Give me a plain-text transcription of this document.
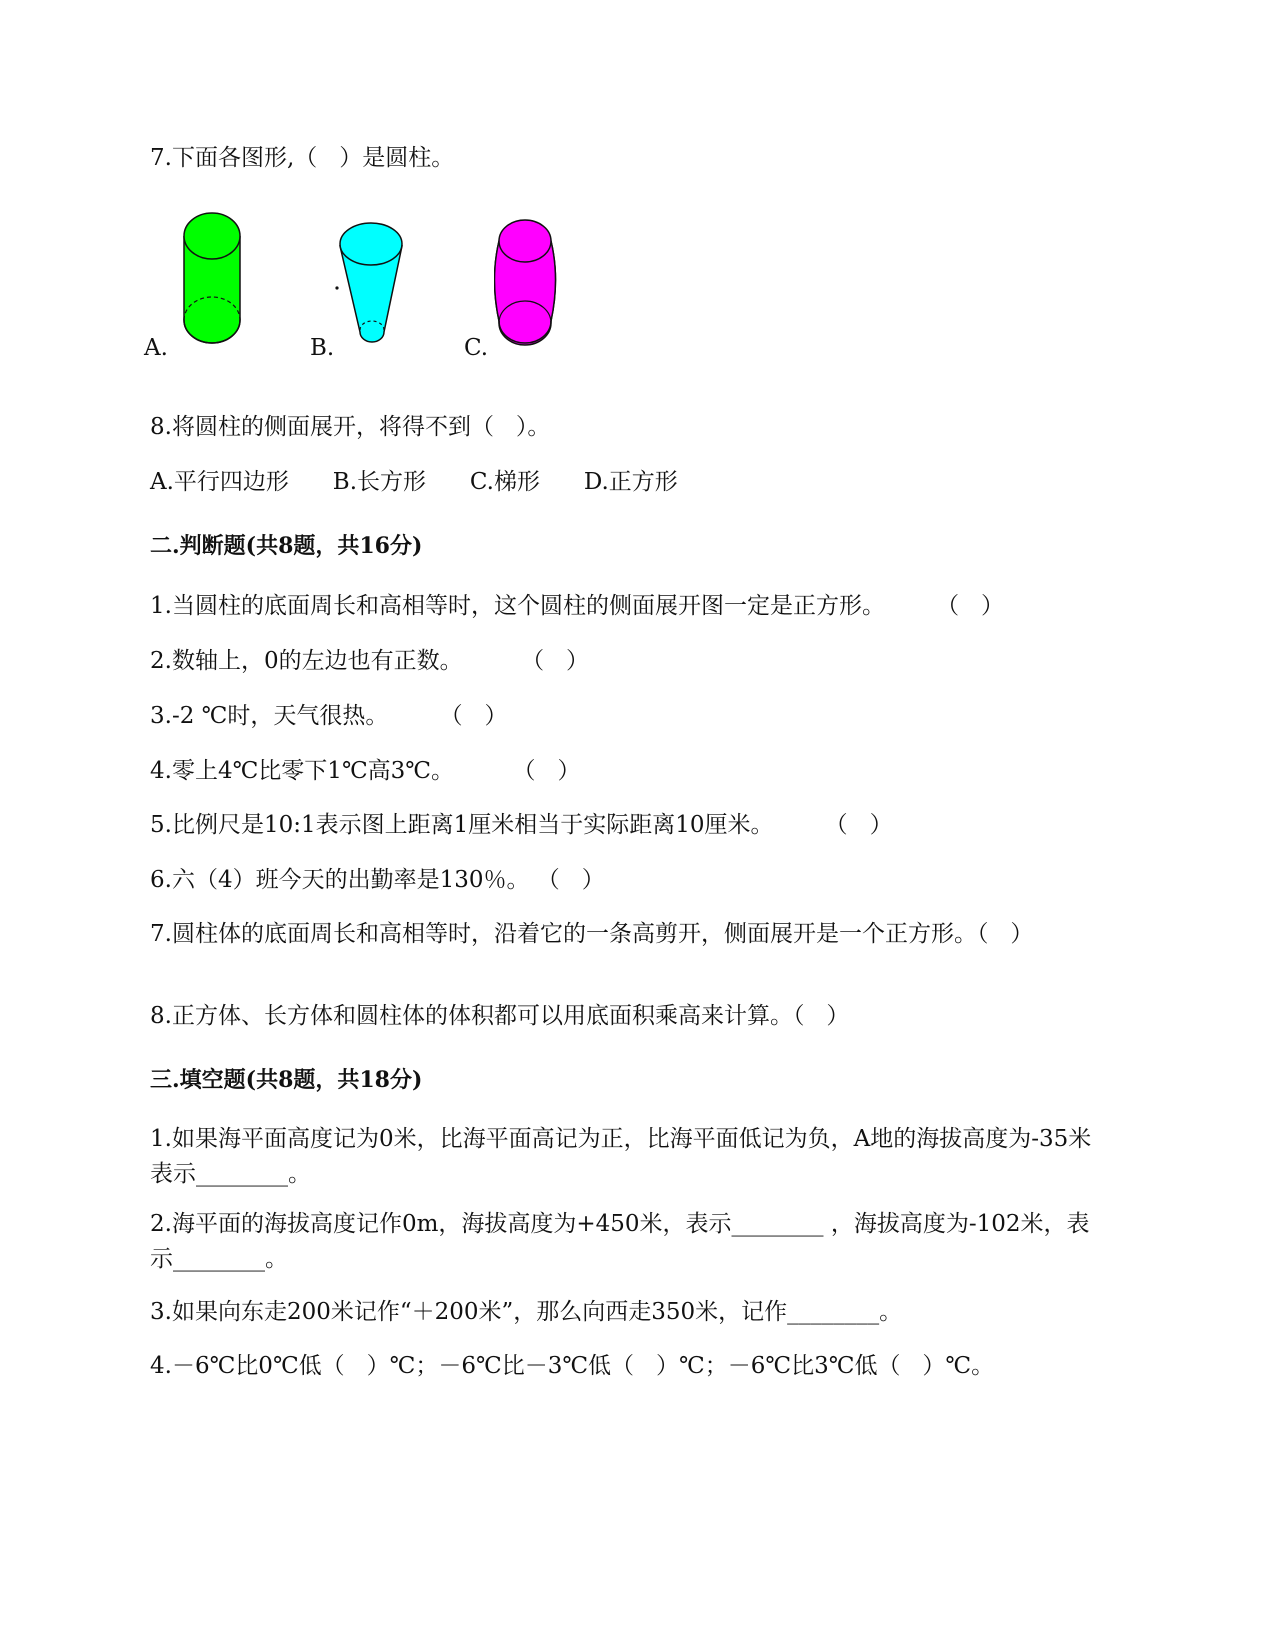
7.下面各图形,（   ）是圆柱。
A.	B.	C.
8.将圆柱的侧面展开，将得不到（   ）。
A.平行四边形      B.长方形      C.梯形      D.正方形
二.判断题(共8题，共16分)
1.当圆柱的底面周长和高相等时，这个圆柱的侧面展开图一定是正方形。       （   ）
2.数轴上，0的左边也有正数。        （   ）
3.-2 ℃时，天气很热。       （   ）
4.零上4℃比零下1℃高3℃。        （   ）
5.比例尺是10:1表示图上距离1厘米相当于实际距离10厘米。       （   ）
6.六（4）班今天的出勤率是130％。 （   ）
7.圆柱体的底面周长和高相等时，沿着它的一条高剪开，侧面展开是一个正方形。（   ）
8.正方体、长方体和圆柱体的体积都可以用底面积乘高来计算。（   ）
三.填空题(共8题，共18分)
1.如果海平面高度记为0米，比海平面高记为正，比海平面低记为负，A地的海拔高度为-35米表示________。
2.海平面的海拔高度记作0m，海拔高度为+450米，表示________ ，海拔高度为-102米，表示________。
3.如果向东走200米记作“＋200米”，那么向西走350米，记作________。
4.－6℃比0℃低（   ）℃；－6℃比－3℃低（   ）℃；－6℃比3℃低（   ）℃。
